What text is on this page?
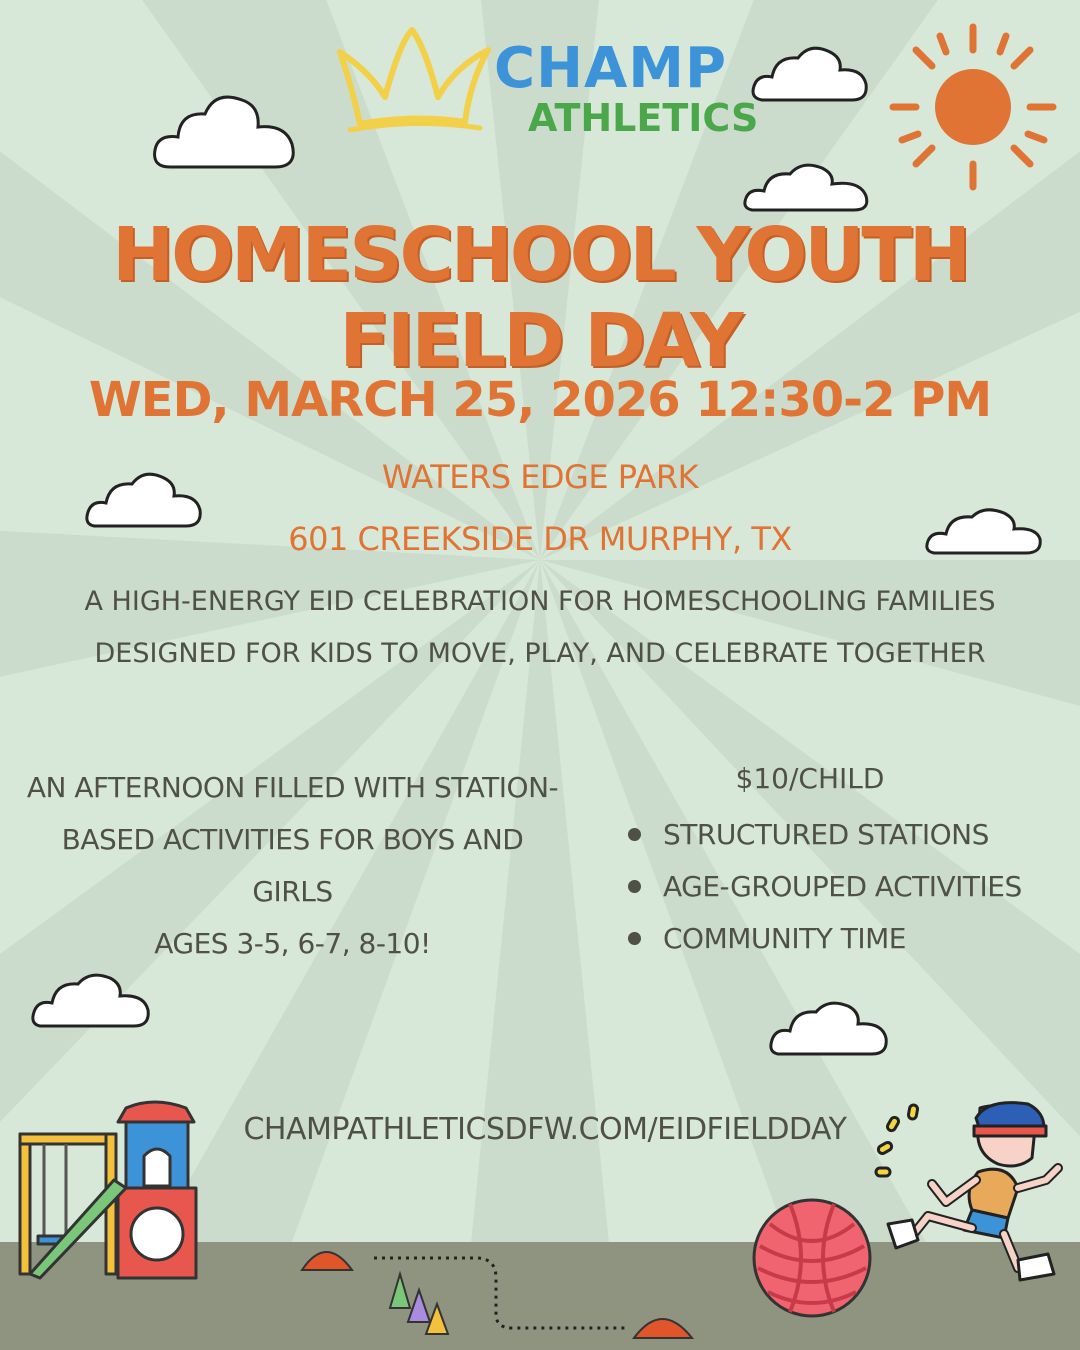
CHAMP
ATHLETICS
HOMESCHOOL YOUTH FIELD DAY
WED, MARCH 25, 2026 12:30-2 PM
WATERS EDGE PARK
601 CREEKSIDE DR MURPHY, TX
A HIGH-ENERGY EID CELEBRATION FOR HOMESCHOOLING FAMILIES
DESIGNED FOR KIDS TO MOVE, PLAY, AND CELEBRATE TOGETHER
AN AFTERNOON FILLED WITH STATION-
BASED ACTIVITIES FOR BOYS AND GIRLS
AGES 3-5, 6-7, 8-10!
$10/CHILD
STRUCTURED STATIONS
AGE-GROUPED ACTIVITIES
COMMUNITY TIME
CHAMPATHLETICSDFW.COM/EIDFIELDDAY
